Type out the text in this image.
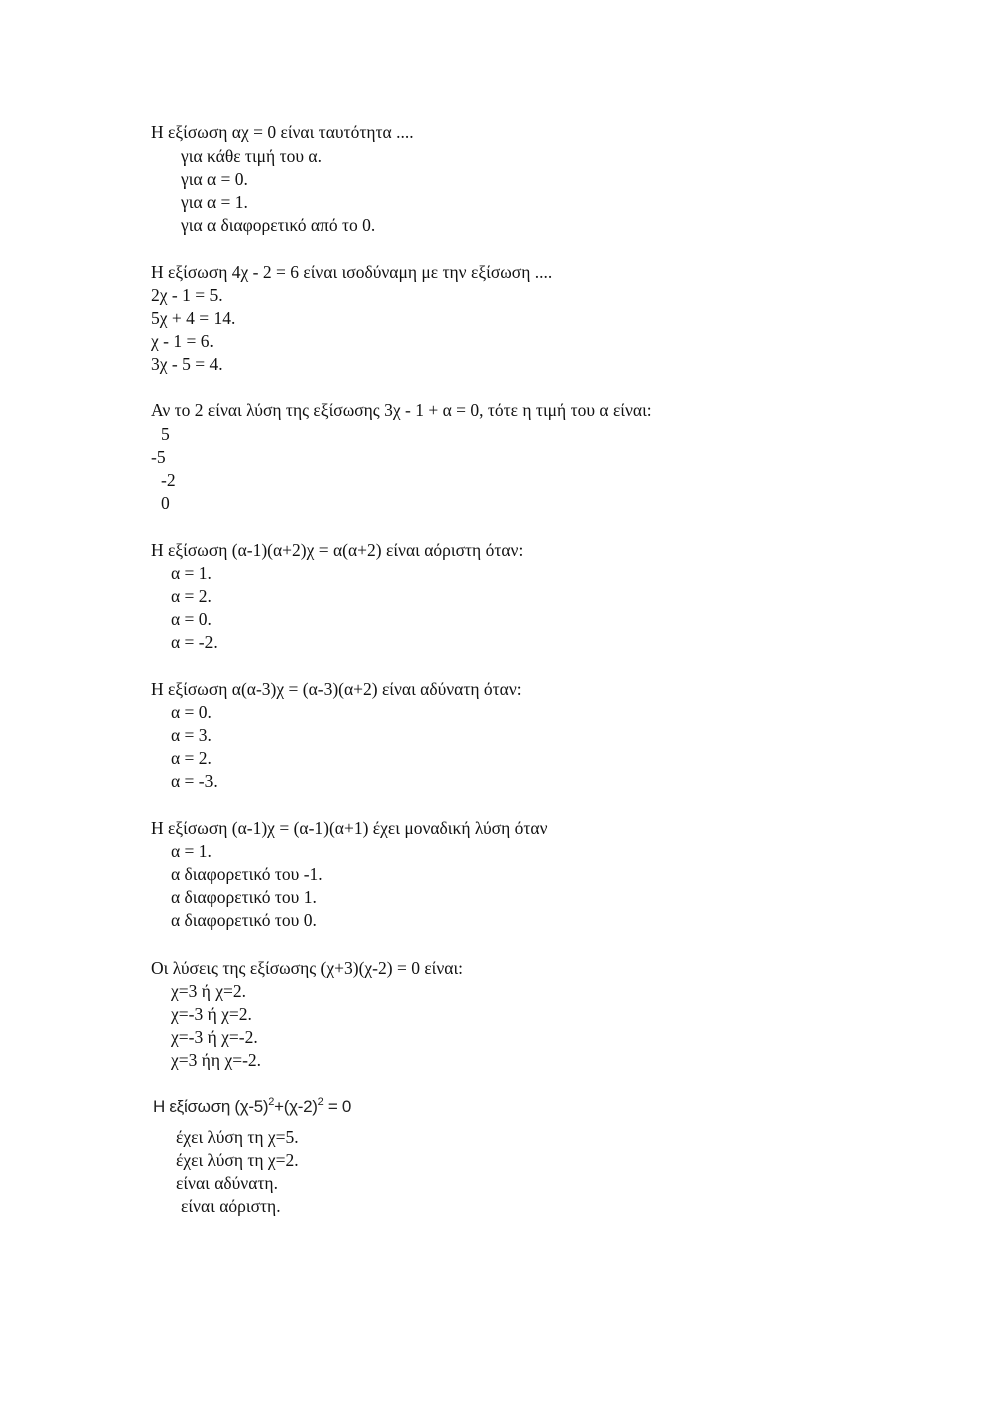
Η εξίσωση αχ = 0 είναι ταυτότητα ....
για κάθε τιμή του α.
για α = 0.
για α = 1.
για α διαφορετικό από το 0.
Η εξίσωση 4χ - 2 = 6 είναι ισοδύναμη με την εξίσωση ....
2χ - 1 = 5.
5χ + 4 = 14.
χ - 1 = 6.
3χ - 5 = 4.
Αν το 2 είναι λύση της εξίσωσης 3χ - 1 + α = 0, τότε η τιμή του α είναι:
5
-5
-2
0
Η εξίσωση (α-1)(α+2)χ = α(α+2) είναι αόριστη όταν:
α = 1.
α = 2.
α = 0.
α = -2.
Η εξίσωση α(α-3)χ = (α-3)(α+2) είναι αδύνατη όταν:
α = 0.
α = 3.
α = 2.
α = -3.
Η εξίσωση (α-1)χ = (α-1)(α+1) έχει μοναδική λύση όταν
α = 1.
α διαφορετικό του -1.
α διαφορετικό του 1.
α διαφορετικό του 0.
Οι λύσεις της εξίσωσης (χ+3)(χ-2) = 0 είναι:
χ=3 ή χ=2.
χ=-3 ή χ=2.
χ=-3 ή χ=-2.
χ=3 ήη χ=-2.
Η εξίσωση $(\chi-5)^2+(\chi-2)^2 = 0$
έχει λύση τη χ=5.
έχει λύση τη χ=2.
είναι αδύνατη.
είναι αόριστη.
